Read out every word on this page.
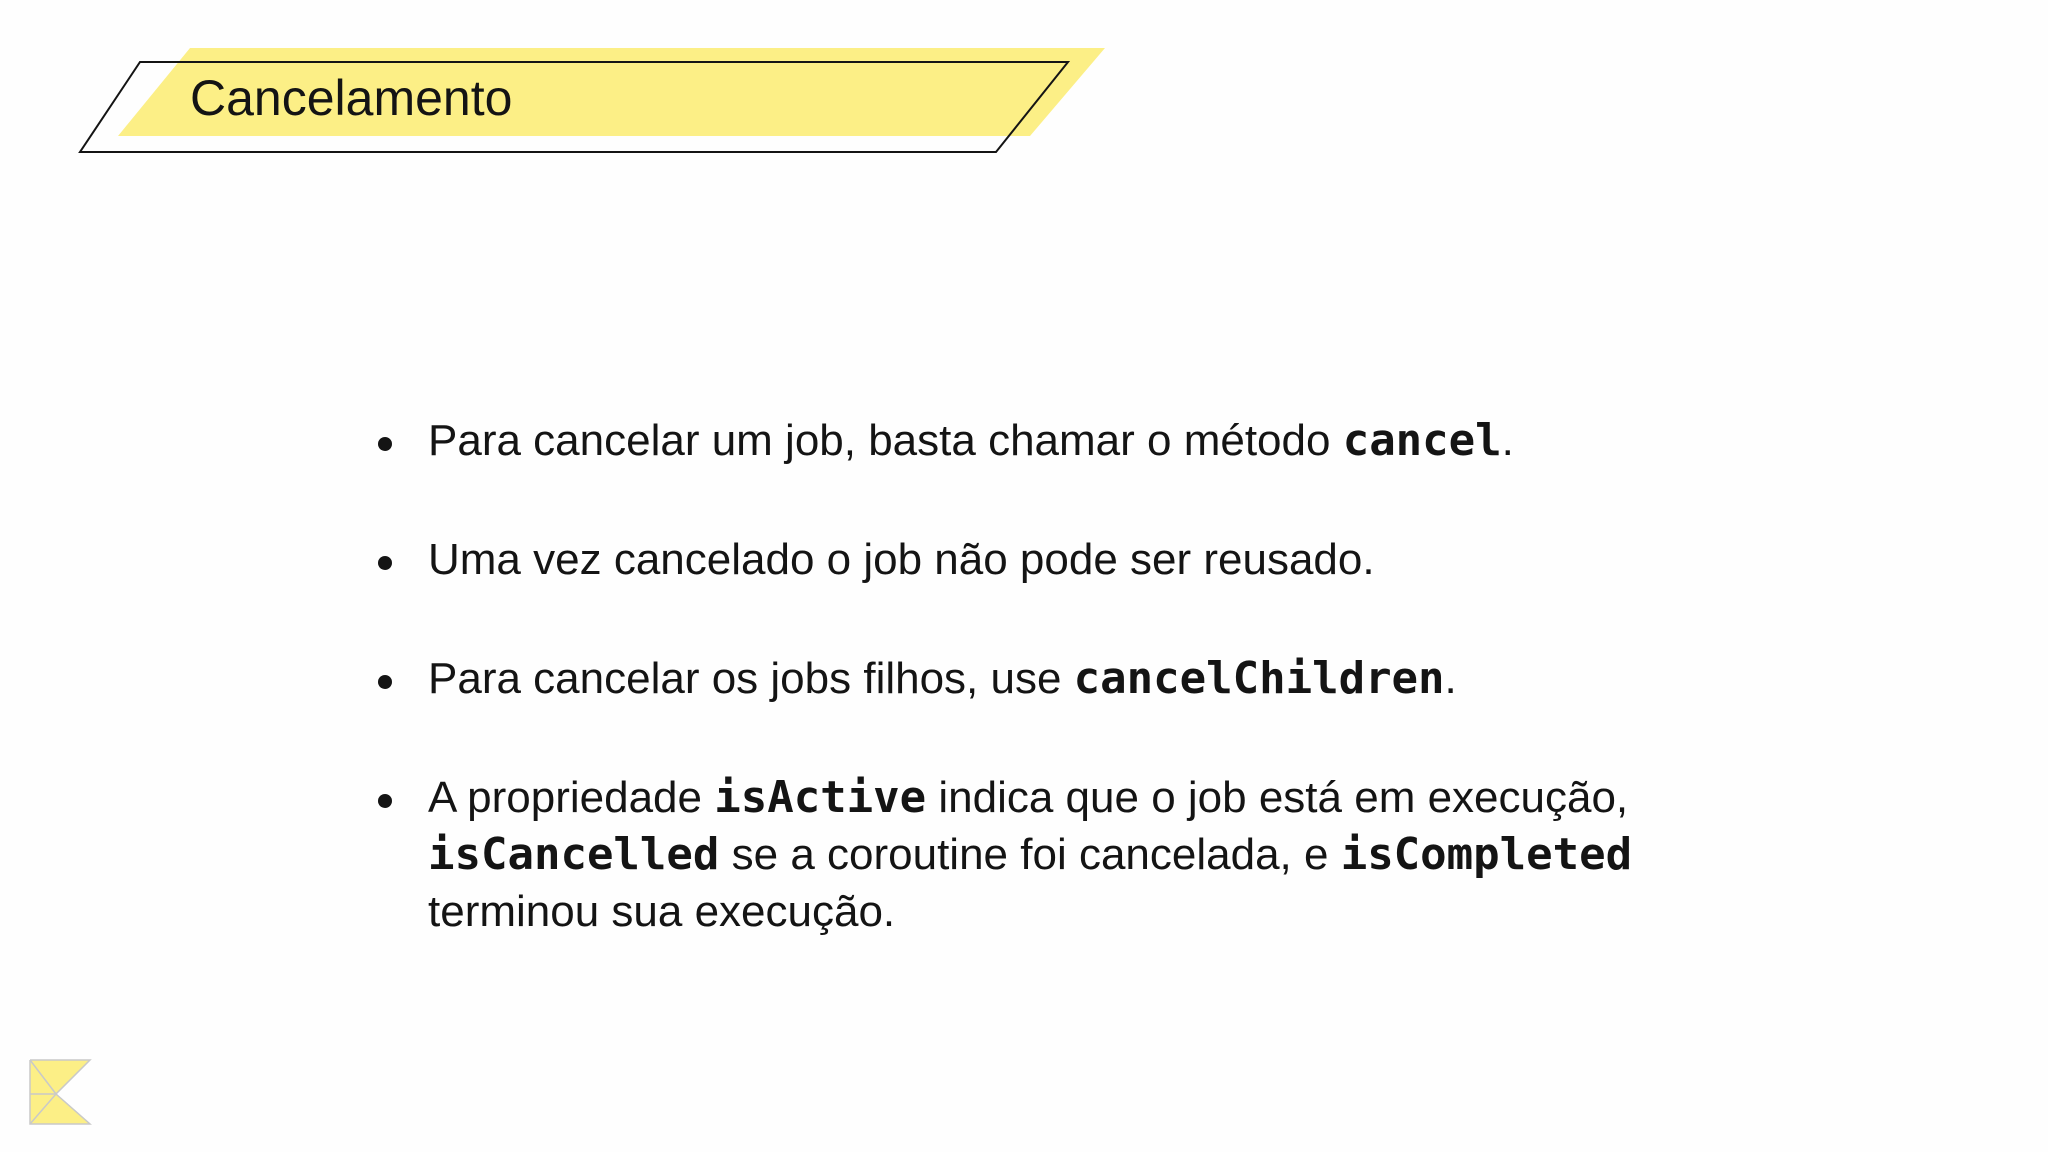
Cancelamento
Para cancelar um job, basta chamar o método cancel.
Uma vez cancelado o job não pode ser reusado.
Para cancelar os jobs filhos, use cancelChildren.
A propriedade isActive indica que o job está em execução,  isCancelled se a coroutine foi cancelada, e isCompleted terminou sua execução.
